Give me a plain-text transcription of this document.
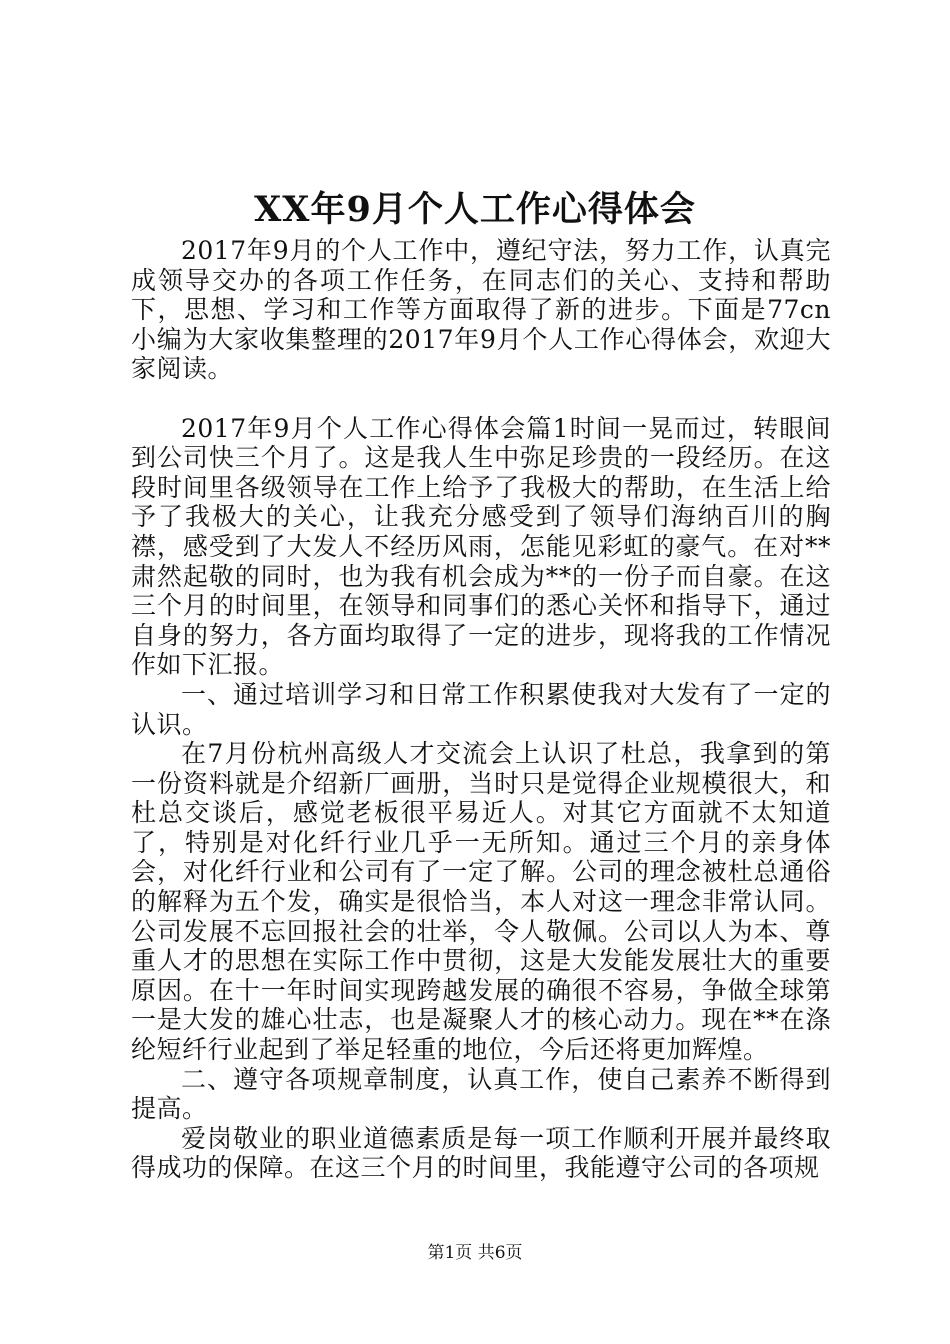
XX年9月个人工作心得体会

2017年9月的个人工作中，遵纪守法，努力工作，认真完成领导交办的各项工作任务，在同志们的关心、支持和帮助下，思想、学习和工作等方面取得了新的进步。下面是77cn小编为大家收集整理的2017年9月个人工作心得体会，欢迎大家阅读。

2017年9月个人工作心得体会篇1时间一晃而过，转眼间到公司快三个月了。这是我人生中弥足珍贵的一段经历。在这段时间里各级领导在工作上给予了我极大的帮助，在生活上给予了我极大的关心，让我充分感受到了领导们海纳百川的胸襟，感受到了大发人不经历风雨，怎能见彩虹的豪气。在对**肃然起敬的同时，也为我有机会成为**的一份子而自豪。在这三个月的时间里，在领导和同事们的悉心关怀和指导下，通过自身的努力，各方面均取得了一定的进步，现将我的工作情况作如下汇报。

一、通过培训学习和日常工作积累使我对大发有了一定的认识。

在7月份杭州高级人才交流会上认识了杜总，我拿到的第一份资料就是介绍新厂画册，当时只是觉得企业规模很大，和杜总交谈后，感觉老板很平易近人。对其它方面就不太知道了，特别是对化纤行业几乎一无所知。通过三个月的亲身体会，对化纤行业和公司有了一定了解。公司的理念被杜总通俗的解释为五个发，确实是很恰当，本人对这一理念非常认同。公司发展不忘回报社会的壮举，令人敬佩。公司以人为本、尊重人才的思想在实际工作中贯彻，这是大发能发展壮大的重要原因。在十一年时间实现跨越发展的确很不容易，争做全球第一是大发的雄心壮志，也是凝聚人才的核心动力。现在**在涤纶短纤行业起到了举足轻重的地位，今后还将更加辉煌。

二、遵守各项规章制度，认真工作，使自己素养不断得到提高。

爱岗敬业的职业道德素质是每一项工作顺利开展并最终取得成功的保障。在这三个月的时间里，我能遵守公司的各项规

第1页 共6页
